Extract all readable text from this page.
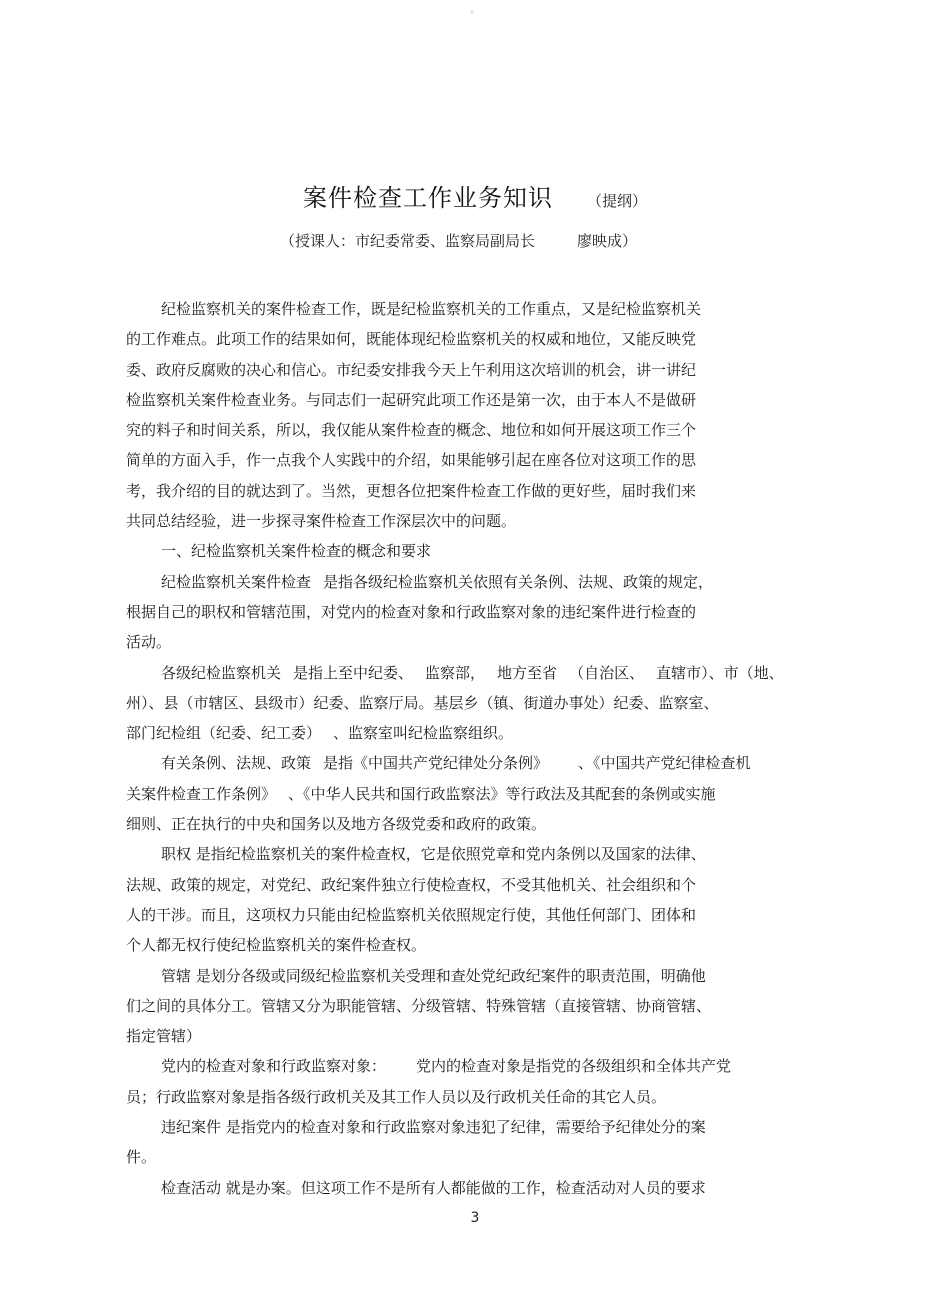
。
案件检查工作业务知识 （提纲）
（授课人：市纪委常委、监察局副局长	廖映成）
纪检监察机关的案件检查工作，既是纪检监察机关的工作重点，又是纪检监察机关
的工作难点。此项工作的结果如何，既能体现纪检监察机关的权威和地位，又能反映党
委、政府反腐败的决心和信心。市纪委安排我今天上午利用这次培训的机会，讲一讲纪
检监察机关案件检查业务。与同志们一起研究此项工作还是第一次，由于本人不是做研
究的料子和时间关系，所以，我仅能从案件检查的概念、地位和如何开展这项工作三个
简单的方面入手，作一点我个人实践中的介绍，如果能够引起在座各位对这项工作的思
考，我介绍的目的就达到了。当然，更想各位把案件检查工作做的更好些，届时我们来
共同总结经验，进一步探寻案件检查工作深层次中的问题。
一、纪检监察机关案件检查的概念和要求
纪检监察机关案件检查 是指各级纪检监察机关依照有关条例、法规、政策的规定，
根据自己的职权和管辖范围，对党内的检查对象和行政监察对象的违纪案件进行检查的
活动。
各级纪检监察机关 是指上至中纪委、 监察部， 地方至省 （自治区、 直辖市）、市（地、
州）、县（市辖区、县级市）纪委、监察厅局。基层乡（镇、街道办事处）纪委、监察室、
部门纪检组（纪委、纪工委） 、监察室叫纪检监察组织。
有关条例、法规、政策 是指《中国共产党纪律处分条例》 、《中国共产党纪律检查机
关案件检查工作条例》 、《中华人民共和国行政监察法》等行政法及其配套的条例或实施
细则、正在执行的中央和国务以及地方各级党委和政府的政策。
职权 是指纪检监察机关的案件检查权，它是依照党章和党内条例以及国家的法律、
法规、政策的规定，对党纪、政纪案件独立行使检查权，不受其他机关、社会组织和个
人的干涉。而且，这项权力只能由纪检监察机关依照规定行使，其他任何部门、团体和
个人都无权行使纪检监察机关的案件检查权。
管辖 是划分各级或同级纪检监察机关受理和查处党纪政纪案件的职责范围，明确他
们之间的具体分工。管辖又分为职能管辖、分级管辖、特殊管辖（直接管辖、协商管辖、
指定管辖）
党内的检查对象和行政监察对象： 党内的检查对象是指党的各级组织和全体共产党
员；行政监察对象是指各级行政机关及其工作人员以及行政机关任命的其它人员。
违纪案件 是指党内的检查对象和行政监察对象违犯了纪律，需要给予纪律处分的案
件。
检查活动 就是办案。但这项工作不是所有人都能做的工作，检查活动对人员的要求
3
